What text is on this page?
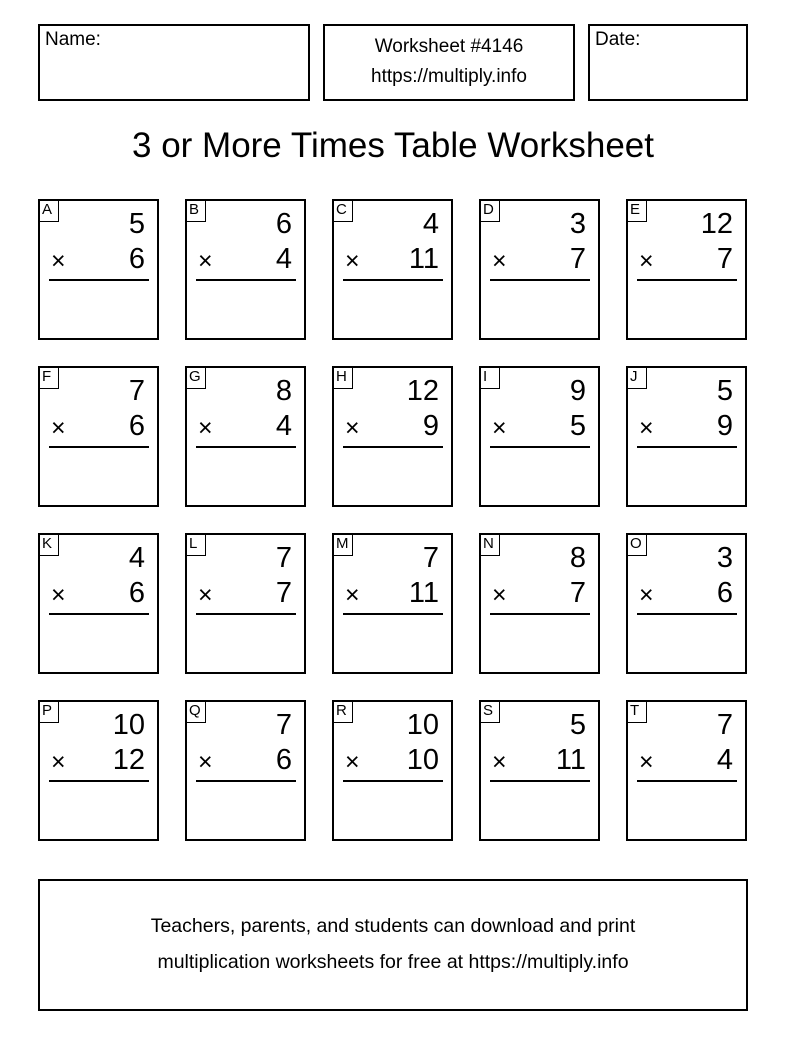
Name:	Worksheet #4146
https://multiply.info
Date:
3 or More Times Table Worksheet
A	5
× 6
B	6
× 4
C	4
× 11
D	3
× 7
E 12
× 7
F	7
× 6
G	8
× 4
H 12
× 9
I	9
× 5
J	5
× 9
K	4
× 6
L	7
× 7
M	7
× 11
N	8
× 7
O	3
× 6
P 10
× 12
Q	7
× 6
R 10
× 10
S	5
× 11
T	7
× 4
Teachers, parents, and students can download and print
multiplication worksheets for free at https://multiply.info
